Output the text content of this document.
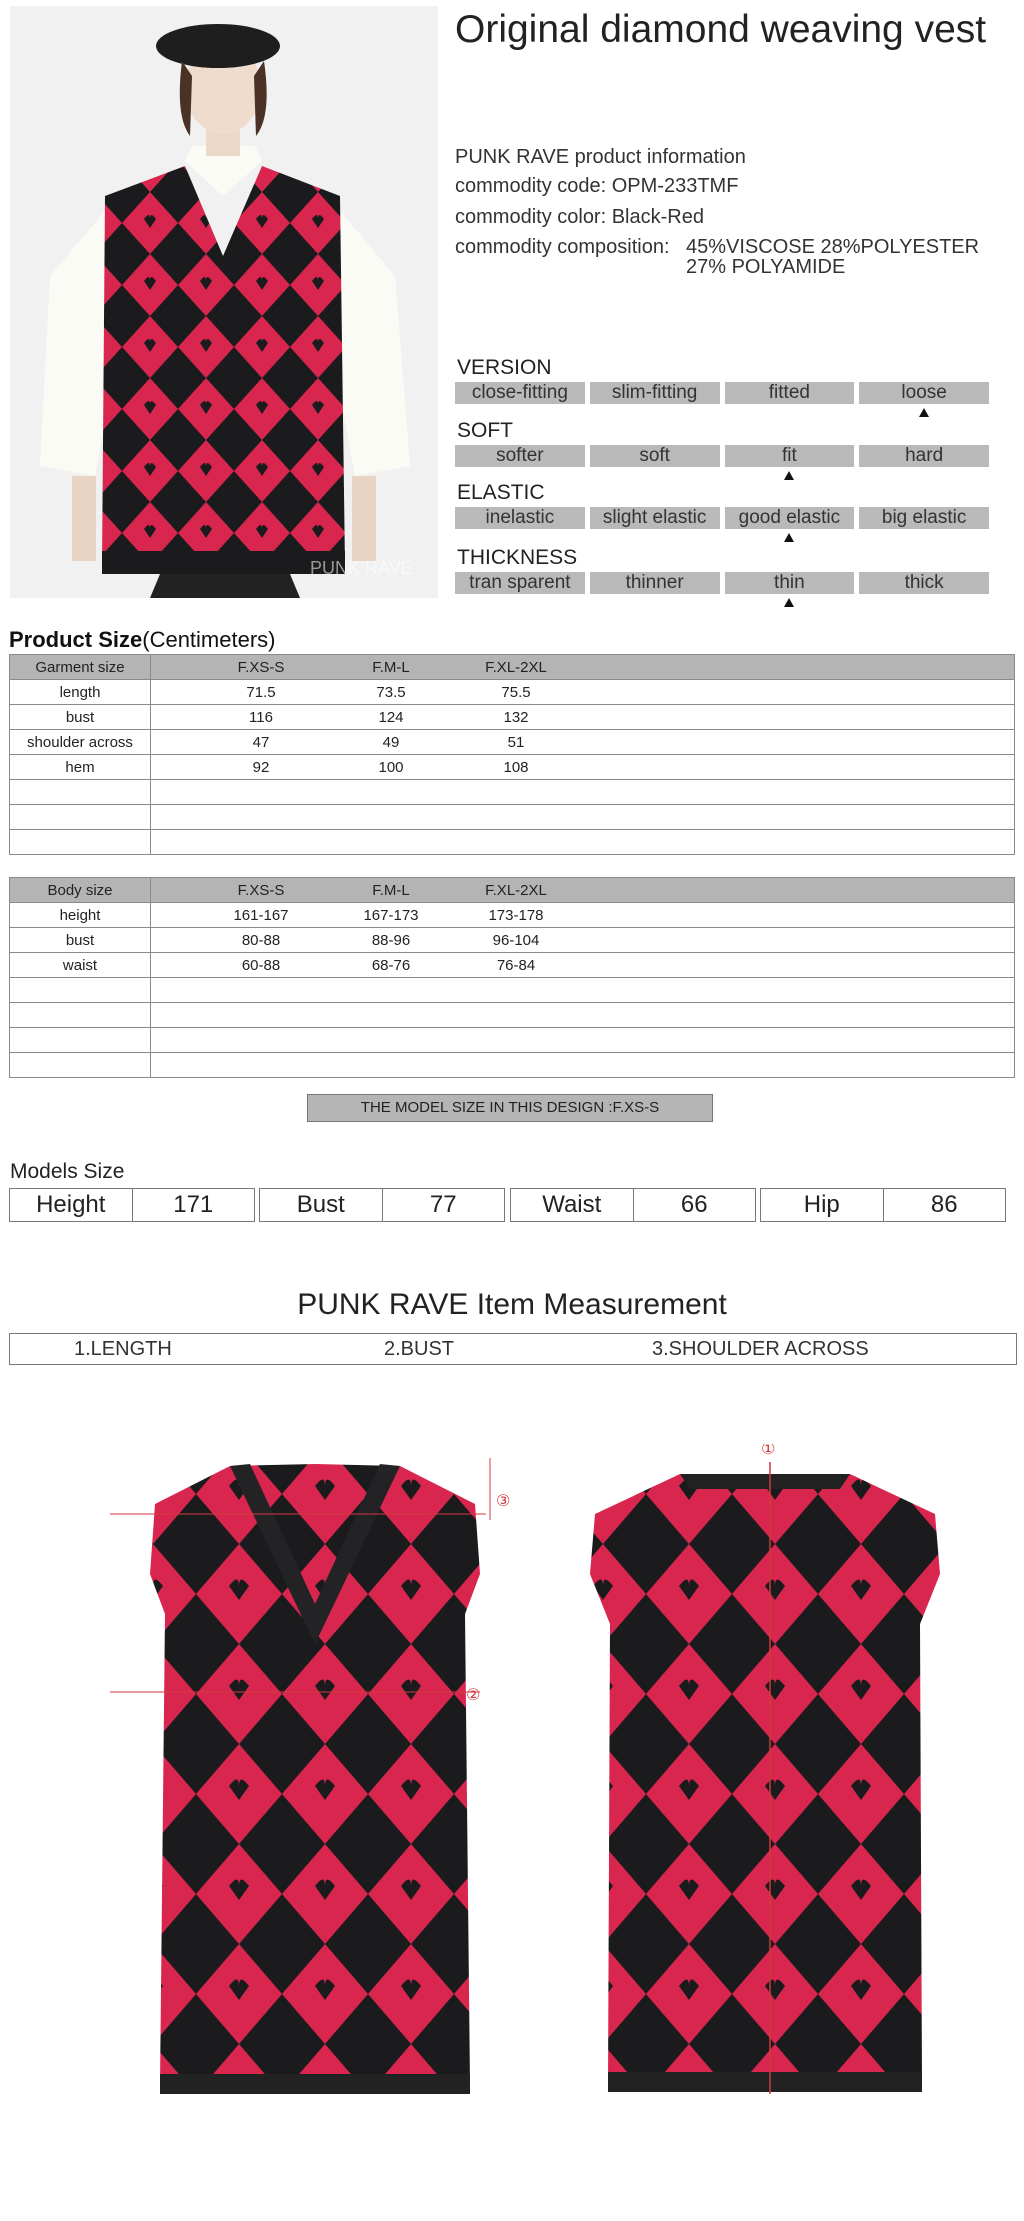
PUNK RAVE
Original diamond weaving vest
PUNK RAVE product information
commodity code: OPM-233TMF
commodity color: Black-Red
commodity composition: 45%VISCOSE 28%POLYESTER
27% POLYAMIDE
VERSION
close-fitting	slim-fitting	fitted	loose
SOFT
softer	soft	fit	hard
ELASTIC
inelastic	slight elastic	good elastic	big elastic
THICKNESS
tran sparent	thinner	thin	thick
Product Size(Centimeters)
Garment size	F.XS-S F.M-L F.XL-2XL

length	71.5 73.5 75.5

bust	116 124 132

shoulder across	47 49 51

hem	92 100 108

Body size	F.XS-S F.M-L F.XL-2XL

height	161-167 167-173 173-178

bust	80-88 88-96 96-104

waist	60-88 68-76 76-84

THE MODEL SIZE IN THIS DESIGN :F.XS-S
Models Size
Height	171	Bust	77	Waist	66	Hip	86
PUNK RAVE Item Measurement
1.LENGTH	2.BUST	3.SHOULDER ACROSS
③
②
①
